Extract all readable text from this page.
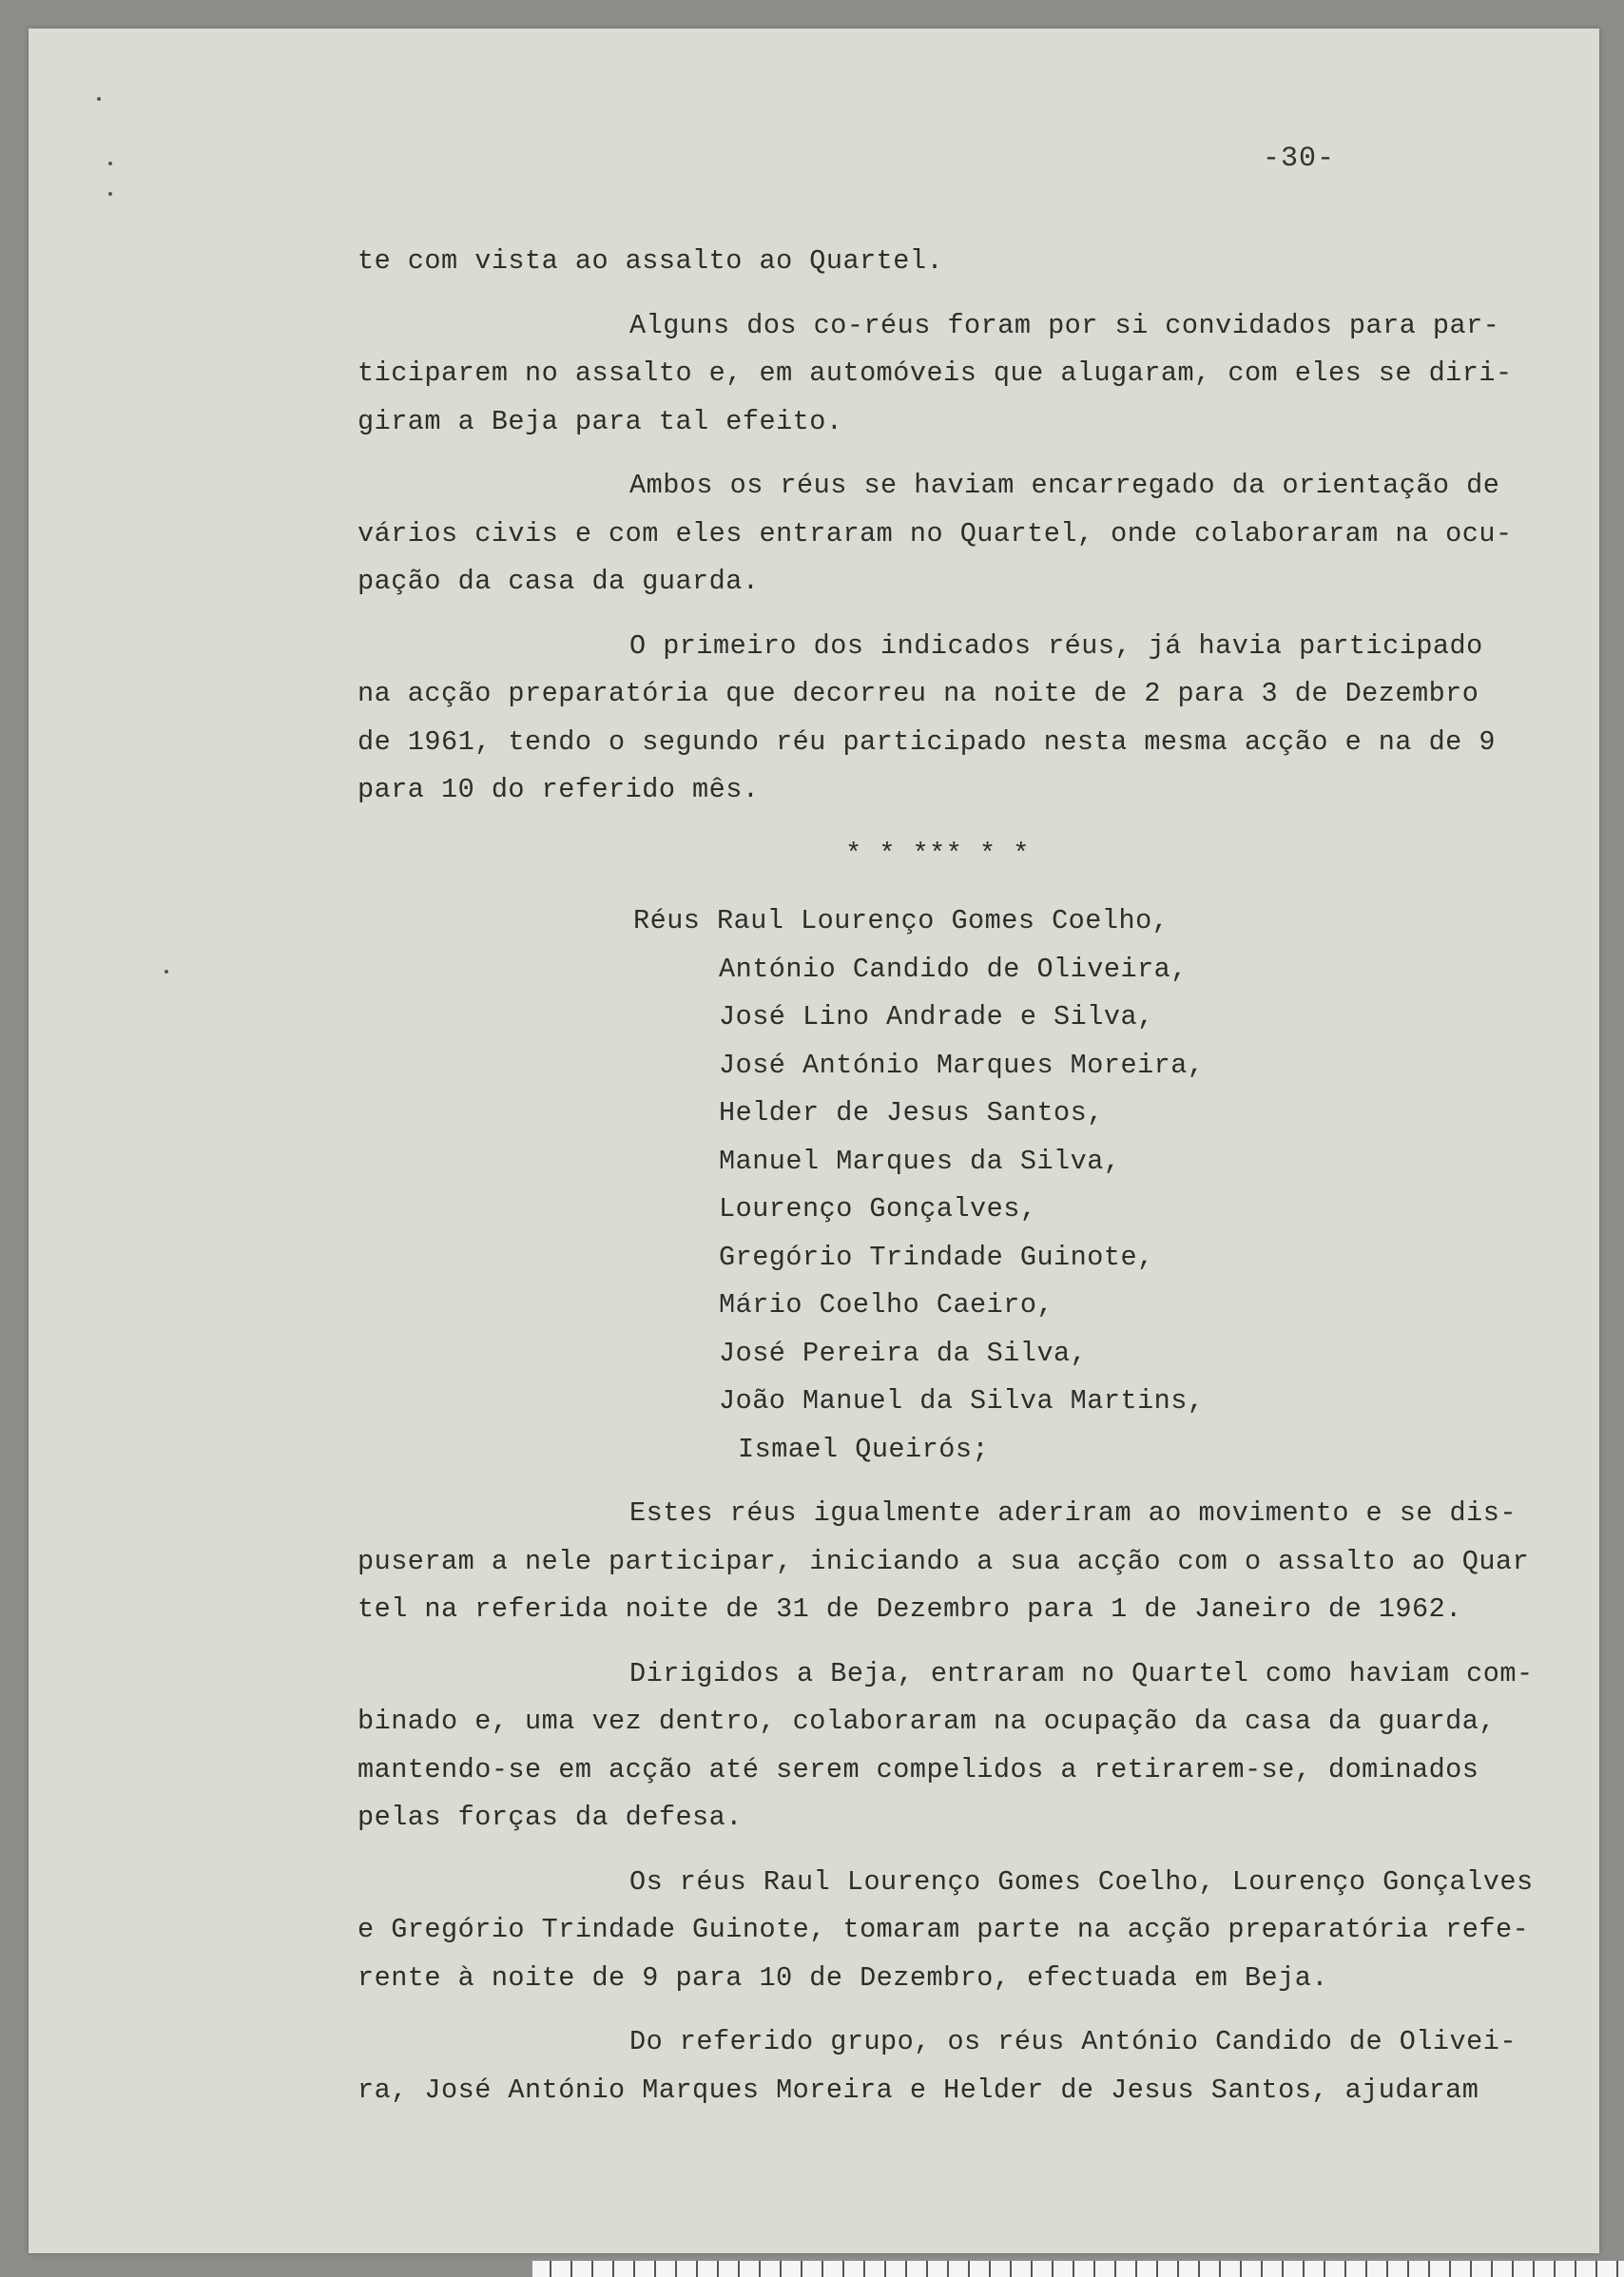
-30-
te com vista ao assalto ao Quartel.
Alguns dos co-réus foram por si convidados para par-
ticiparem no assalto e, em automóveis que alugaram, com eles se diri-
giram a Beja para tal efeito.
Ambos os réus se haviam encarregado da orientação de
vários civis e com eles entraram no Quartel, onde colaboraram na ocu-
pação da casa da guarda.
O primeiro dos indicados réus, já havia participado
na acção preparatória que decorreu na noite de 2 para 3 de Dezembro
de 1961, tendo o segundo réu participado nesta mesma acção e na de 9
para 10 do referido mês.
* * *** * *
Réus Raul Lourenço Gomes Coelho,
António Candido de Oliveira,
José Lino Andrade e Silva,
José António Marques Moreira,
Helder de Jesus Santos,
Manuel Marques da Silva,
Lourenço Gonçalves,
Gregório Trindade Guinote,
Mário Coelho Caeiro,
José Pereira da Silva,
João Manuel da Silva Martins,
Ismael Queirós;
Estes réus igualmente aderiram ao movimento e se dis-
puseram a nele participar, iniciando a sua acção com o assalto ao Quar
tel na referida noite de 31 de Dezembro para 1 de Janeiro de 1962.
Dirigidos a Beja, entraram no Quartel como haviam com-
binado e, uma vez dentro, colaboraram na ocupação da casa da guarda,
mantendo-se em acção até serem compelidos a retirarem-se, dominados
pelas forças da defesa.
Os réus Raul Lourenço Gomes Coelho, Lourenço Gonçalves
e Gregório Trindade Guinote, tomaram parte na acção preparatória refe-
rente à noite de 9 para 10 de Dezembro, efectuada em Beja.
Do referido grupo, os réus António Candido de Olivei-
ra, José António Marques Moreira e Helder de Jesus Santos, ajudaram
